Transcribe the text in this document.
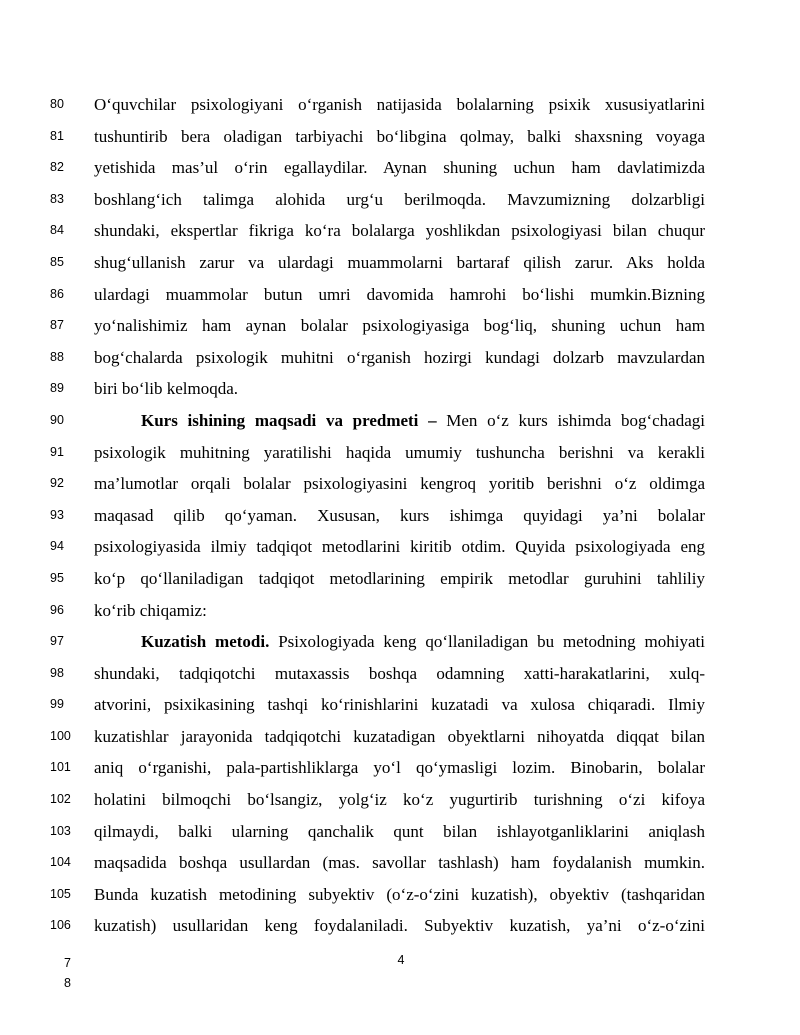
80	O‘quvchilar psixologiyani o‘rganish natijasida bolalarning psixik xususiyatlarini
81	tushuntirib bera oladigan tarbiyachi bo‘libgina qolmay, balki shaxsning voyaga
82	yetishida mas’ul o‘rin egallaydilar. Aynan shuning uchun ham davlatimizda
83	boshlang‘ich talimga alohida urg‘u berilmoqda. Mavzumizning dolzarbligi
84	shundaki, ekspertlar fikriga ko‘ra bolalarga yoshlikdan psixologiyasi bilan chuqur
85	shug‘ullanish zarur va ulardagi muammolarni bartaraf qilish zarur. Aks holda
86	ulardagi muammolar butun umri davomida hamrohi bo‘lishi mumkin.Bizning
87	yo‘nalishimiz ham aynan bolalar psixologiyasiga bog‘liq, shuning uchun ham
88	bog‘chalarda psixologik muhitni o‘rganish hozirgi kundagi dolzarb mavzulardan
89	biri bo‘lib kelmoqda.
90	Kurs ishining maqsadi va predmeti – Men o‘z kurs ishimda bog‘chadagi
91	psixologik muhitning yaratilishi haqida umumiy tushuncha berishni va kerakli
92	ma’lumotlar orqali bolalar psixologiyasini kengroq yoritib berishni o‘z oldimga
93	maqasad qilib qo‘yaman. Xususan, kurs ishimga quyidagi ya’ni bolalar
94	psixologiyasida ilmiy tadqiqot metodlarini kiritib otdim. Quyida psixologiyada eng
95	ko‘p qo‘llaniladigan tadqiqot metodlarining empirik metodlar guruhini tahliliy
96	ko‘rib chiqamiz:
97	Kuzatish metodi. Psixologiyada keng qo‘llaniladigan bu metodning mohiyati
98	shundaki, tadqiqotchi mutaxassis boshqa odamning xatti-harakatlarini, xulq-
99	atvorini, psixikasining tashqi ko‘rinishlarini kuzatadi va xulosa chiqaradi. Ilmiy
100	kuzatishlar jarayonida tadqiqotchi kuzatadigan obyektlarni nihoyatda diqqat bilan
101	aniq o‘rganishi, pala-partishliklarga yo‘l qo‘ymasligi lozim. Binobarin, bolalar
102	holatini bilmoqchi bo‘lsangiz, yolg‘iz ko‘z yugurtirib turishning o‘zi kifoya
103	qilmaydi, balki ularning qanchalik qunt bilan ishlayotganliklarini aniqlash
104	maqsadida boshqa usullardan (mas. savollar tashlash) ham foydalanish mumkin.
105	Bunda kuzatish metodining subyektiv (o‘z-o‘zini kuzatish), obyektiv (tashqaridan
106	kuzatish) usullaridan keng foydalaniladi. Subyektiv kuzatish, ya’ni o‘z-o‘zini
7
8
4
